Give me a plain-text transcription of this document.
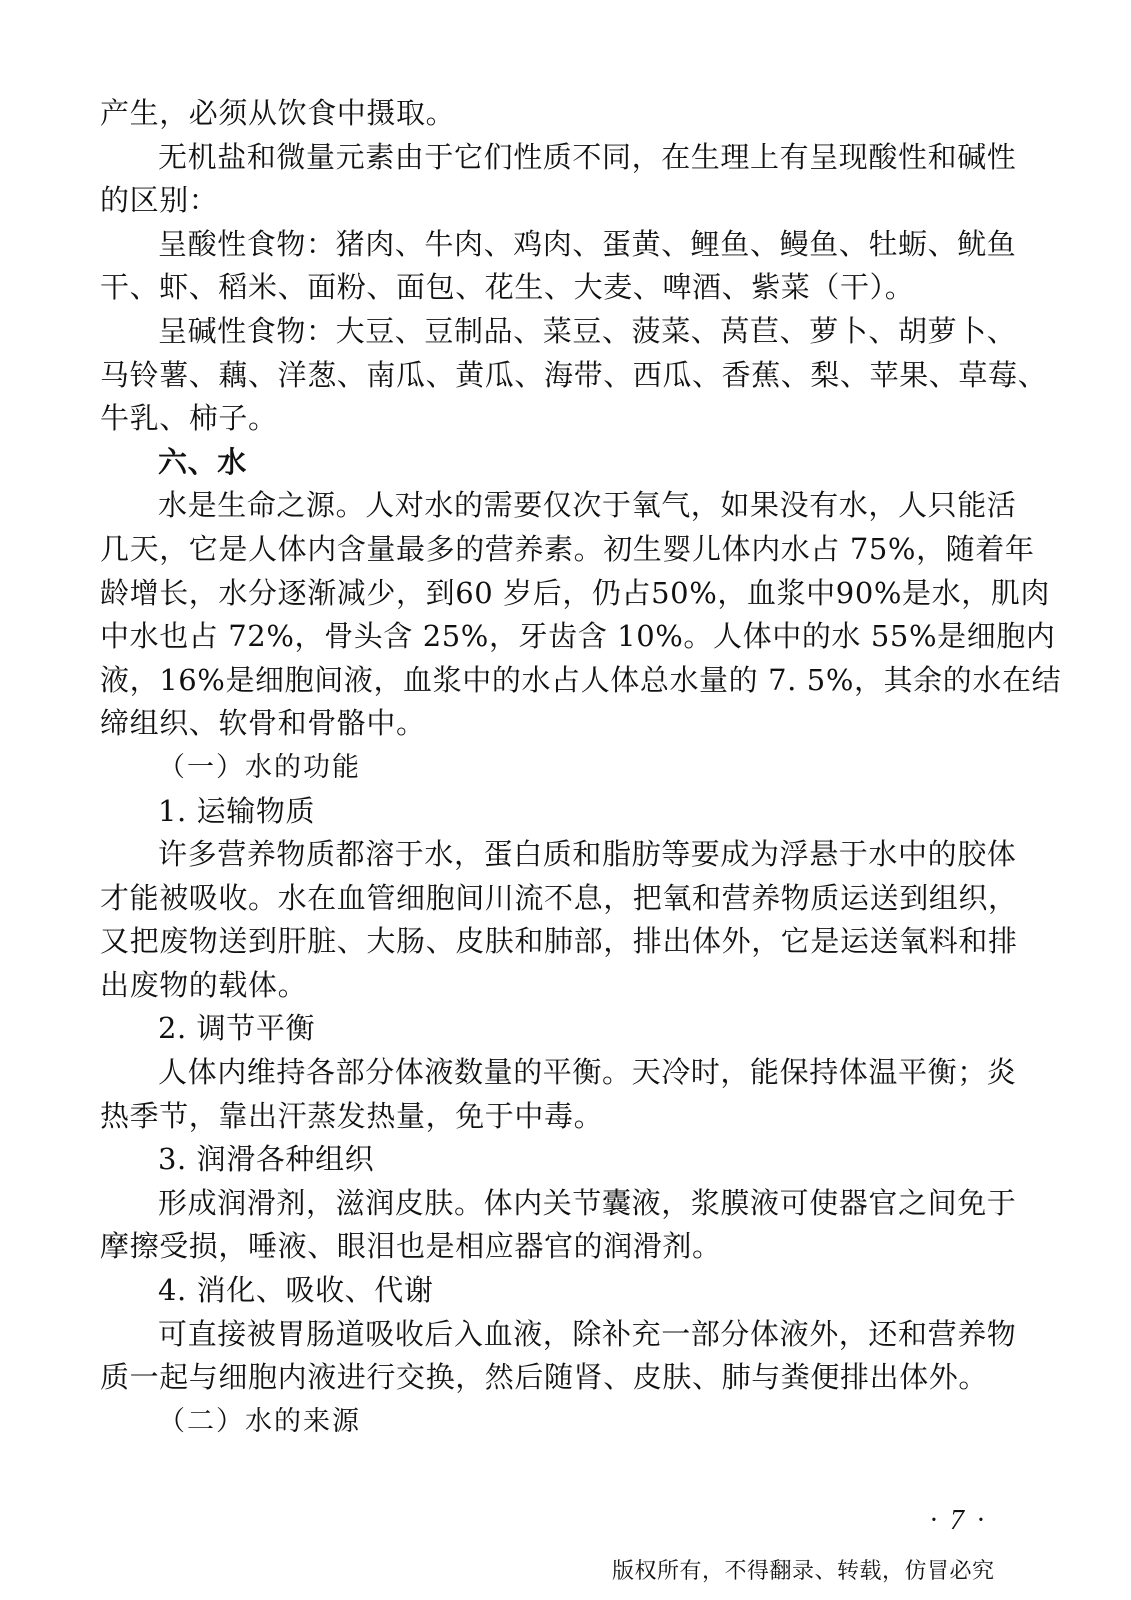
产生，必须从饮食中摄取。
无机盐和微量元素由于它们性质不同，在生理上有呈现酸性和碱性
的区别：
呈酸性食物：猪肉、牛肉、鸡肉、蛋黄、鲤鱼、鳗鱼、牡蛎、鱿鱼
干、虾、稻米、面粉、面包、花生、大麦、啤酒、紫菜（干）。
呈碱性食物：大豆、豆制品、菜豆、菠菜、莴苣、萝卜、胡萝卜、
马铃薯、藕、洋葱、南瓜、黄瓜、海带、西瓜、香蕉、梨、苹果、草莓、
牛乳、柿子。
六、水
水是生命之源。人对水的需要仅次于氧气，如果没有水，人只能活
几天，它是人体内含量最多的营养素。初生婴儿体内水占 75%，随着年
龄增长，水分逐渐减少，到60 岁后，仍占50%，血浆中90%是水，肌肉
中水也占 72%，骨头含 25%，牙齿含 10%。人体中的水 55%是细胞内
液，16%是细胞间液，血浆中的水占人体总水量的 7. 5%，其余的水在结
缔组织、软骨和骨骼中。
（一）水的功能
1. 运输物质
许多营养物质都溶于水，蛋白质和脂肪等要成为浮悬于水中的胶体
才能被吸收。水在血管细胞间川流不息，把氧和营养物质运送到组织，
又把废物送到肝脏、大肠、皮肤和肺部，排出体外，它是运送氧料和排
出废物的载体。
2. 调节平衡
人体内维持各部分体液数量的平衡。天冷时，能保持体温平衡；炎
热季节，靠出汗蒸发热量，免于中毒。
3. 润滑各种组织
形成润滑剂，滋润皮肤。体内关节囊液，浆膜液可使器官之间免于
摩擦受损，唾液、眼泪也是相应器官的润滑剂。
4. 消化、吸收、代谢
可直接被胃肠道吸收后入血液，除补充一部分体液外，还和营养物
质一起与细胞内液进行交换，然后随肾、皮肤、肺与粪便排出体外。
（二）水的来源
· 7 ·
版权所有，不得翻录、转载，仿冒必究
